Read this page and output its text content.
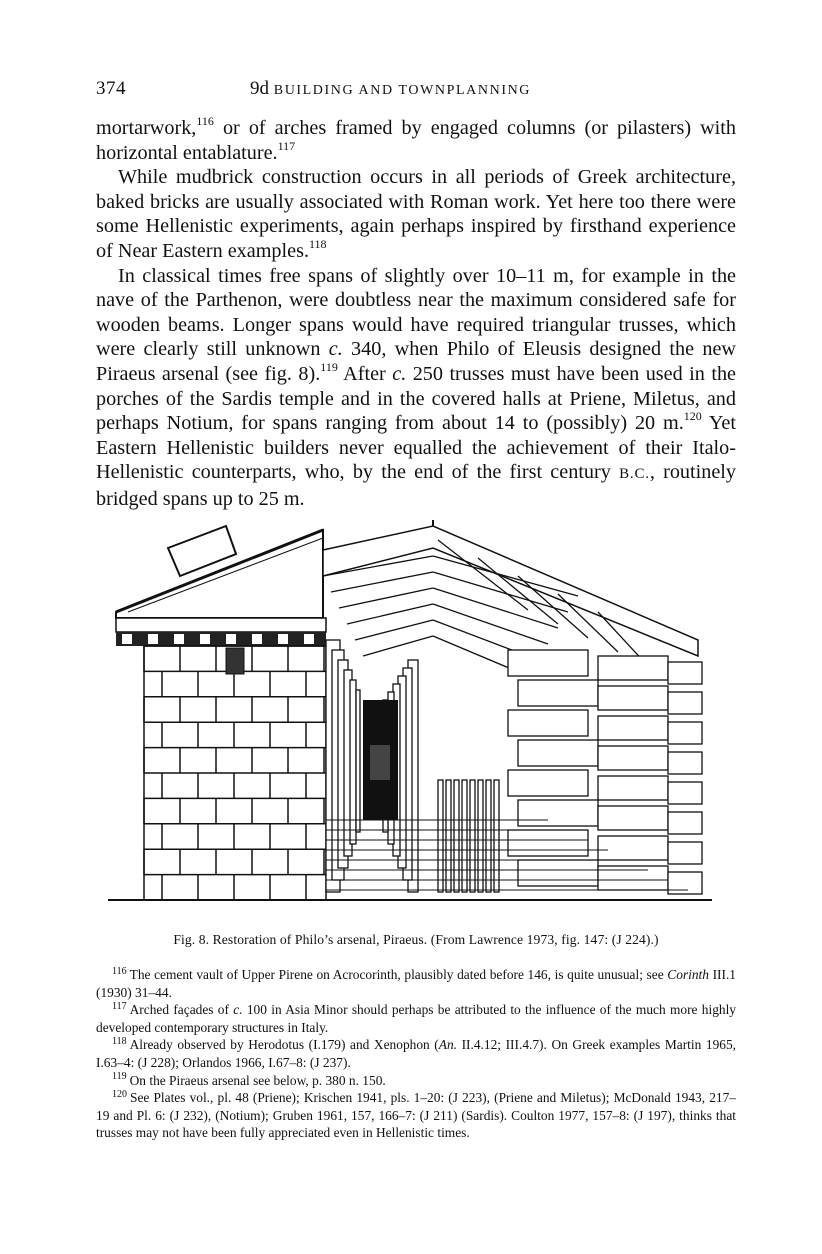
374	9d BUILDING AND TOWNPLANNING

mortarwork,$^{116}$ or of arches framed by engaged columns (or pilasters) with horizontal entablature.$^{117}$

While mudbrick construction occurs in all periods of Greek architecture, baked bricks are usually associated with Roman work. Yet here too there were some Hellenistic experiments, again perhaps inspired by firsthand experience of Near Eastern examples.$^{118}$

In classical times free spans of slightly over 10–11 m, for example in the nave of the Parthenon, were doubtless near the maximum considered safe for wooden beams. Longer spans would have required triangular trusses, which were clearly still unknown c. 340, when Philo of Eleusis designed the new Piraeus arsenal (see fig. 8).$^{119}$ After c. 250 trusses must have been used in the porches of the Sardis temple and in the covered halls at Priene, Miletus, and perhaps Notium, for spans ranging from about 14 to (possibly) 20 m.$^{120}$ Yet Eastern Hellenistic builders never equalled the achievement of their Italo-Hellenistic counterparts, who, by the end of the first century B.C., routinely bridged spans up to 25 m.

Fig. 8. Restoration of Philo’s arsenal, Piraeus. (From Lawrence 1973, fig. 147: (J 224).)

$^{116}$ The cement vault of Upper Pirene on Acrocorinth, plausibly dated before 146, is quite unusual; see Corinth III.1 (1930) 31–44.

$^{117}$ Arched façades of c. 100 in Asia Minor should perhaps be attributed to the influence of the much more highly developed contemporary structures in Italy.

$^{118}$ Already observed by Herodotus (I.179) and Xenophon (An. II.4.12; III.4.7). On Greek examples Martin 1965, I.63–4: (J 228); Orlandos 1966, I.67–8: (J 237).

$^{119}$ On the Piraeus arsenal see below, p. 380 n. 150.

$^{120}$ See Plates vol., pl. 48 (Priene); Krischen 1941, pls. 1–20: (J 223), (Priene and Miletus); McDonald 1943, 217–19 and Pl. 6: (J 232), (Notium); Gruben 1961, 157, 166–7: (J 211) (Sardis). Coulton 1977, 157–8: (J 197), thinks that trusses may not have been fully appreciated even in Hellenistic times.
